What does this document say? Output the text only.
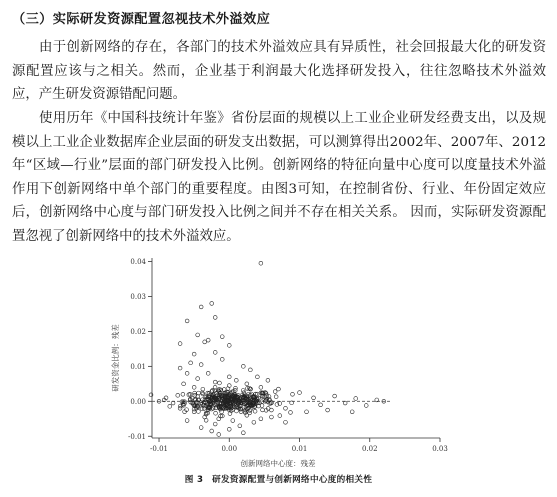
（三）实际研发资源配置忽视技术外溢效应

由于创新网络的存在，各部门的技术外溢效应具有异质性，社会回报最大化的研发资源配置应该与之相关。然而，企业基于利润最大化选择研发投入，往往忽略技术外溢效应，产生研发资源错配问题。

使用历年《中国科技统计年鉴》省份层面的规模以上工业企业研发经费支出，以及规模以上工业企业数据库企业层面的研发支出数据，可以测算得出2002年、2007年、2012年“区域—行业”层面的部门研发投入比例。创新网络的特征向量中心度可以度量技术外溢作用下创新网络中单个部门的重要程度。由图3可知，在控制省份、行业、年份固定效应后，创新网络中心度与部门研发投入比例之间并不存在相关关系。 因而，实际研发资源配置忽视了创新网络中的技术外溢效应。

-0.01	0.00	0.01	0.02	0.03
-0.01
0.00
0.01
0.02
0.03
0.04
创新网络中心度：残差
研发资金比例：残差
图 3　研发资源配置与创新网络中心度的相关性
